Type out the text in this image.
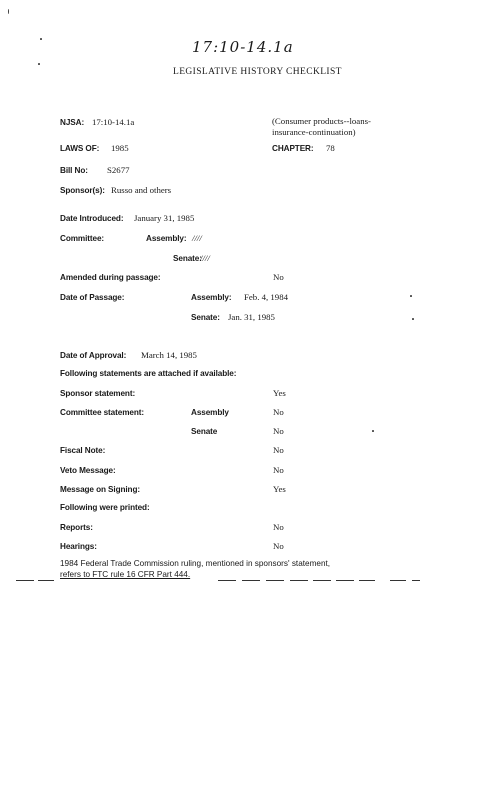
17:10-14.1a
LEGISLATIVE HISTORY CHECKLIST
NJSA: 17:10-14.1a	(Consumer products--loans-
insurance-continuation)
LAWS OF: 1985	CHAPTER: 78
Bill No: S2677
Sponsor(s): Russo and others
Date Introduced: January 31, 1985
Committee:	Assembly: ////
Senate:
////
Amended during passage:	No
Date of Passage:	Assembly: Feb. 4, 1984
Senate: Jan. 31, 1985
Date of Approval: March 14, 1985
Following statements are attached if available:
Sponsor statement:	Yes
Committee statement:	Assembly	No
Senate	No
Fiscal Note:	No
Veto Message:	No
Message on Signing:	Yes
Following were printed:
Reports:	No
Hearings:	No
1984 Federal Trade Commission ruling, mentioned in sponsors' statement,
refers to FTC rule 16 CFR Part 444.
